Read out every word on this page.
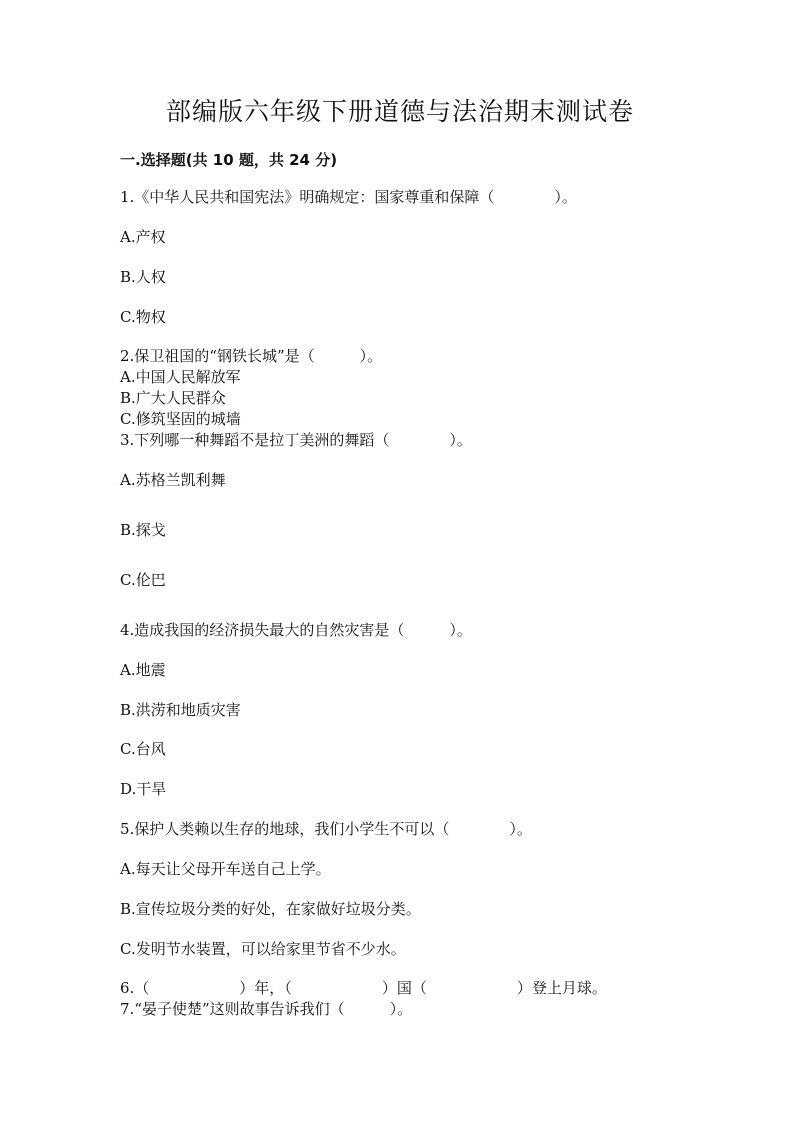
部编版六年级下册道德与法治期末测试卷
一.选择题(共 10 题，共 24 分)
1.《中华人民共和国宪法》明确规定：国家尊重和保障（　　　　）。
A.产权
B.人权
C.物权
2.保卫祖国的“钢铁长城”是（　　　）。
A.中国人民解放军
B.广大人民群众
C.修筑坚固的城墙
3.下列哪一种舞蹈不是拉丁美洲的舞蹈（　　　　）。
A.苏格兰凯利舞
B.探戈
C.伦巴
4.造成我国的经济损失最大的自然灾害是（　　　）。
A.地震
B.洪涝和地质灾害
C.台风
D.干旱
5.保护人类赖以生存的地球，我们小学生不可以（　　　　）。
A.每天让父母开车送自己上学。
B.宣传垃圾分类的好处，在家做好垃圾分类。
C.发明节水装置，可以给家里节省不少水。
6.（　　　　　　）年，（　　　　　　）国（　　　　　　）登上月球。
7.“晏子使楚”这则故事告诉我们（　　　）。
